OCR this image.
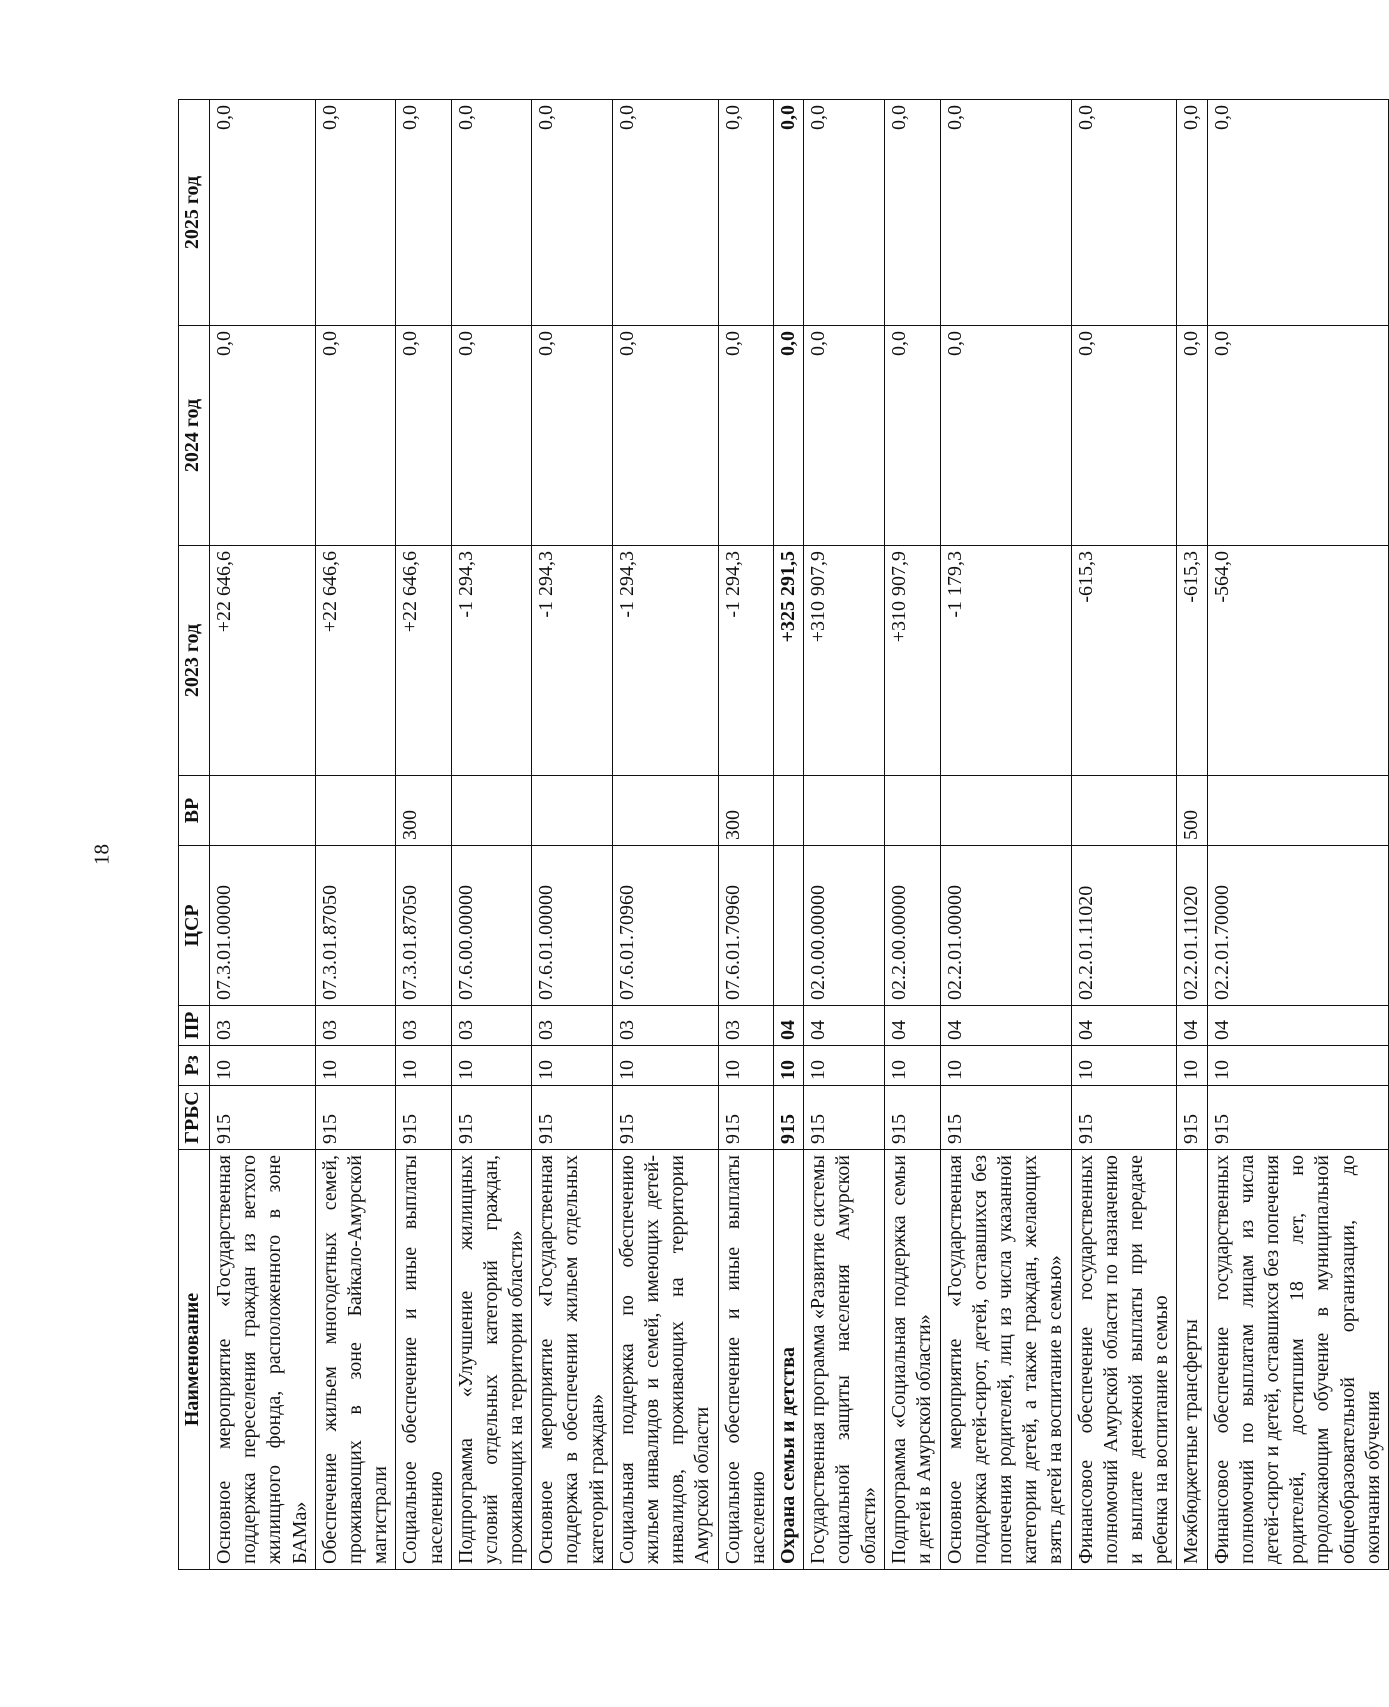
18
Наименование	ГРБС	Рз	ПР	ЦСР	ВР	2023 год	2024 год	2025 год
Основное мероприятие «Государственная поддержка переселения граждан из ветхого жилищного фонда, расположенного в зоне БАМа»	915	10	03	07.3.01.00000		+22 646,6	0,0	0,0
Обеспечение жильем многодетных семей, проживающих в зоне Байкало-Амурской магистрали	915	10	03	07.3.01.87050		+22 646,6	0,0	0,0
Социальное обеспечение и иные выплаты населению	915	10	03	07.3.01.87050	300	+22 646,6	0,0	0,0
Подпрограмма «Улучшение жилищных условий отдельных категорий граждан, проживающих на территории области»	915	10	03	07.6.00.00000		-1 294,3	0,0	0,0
Основное мероприятие «Государственная поддержка в обеспечении жильем отдельных категорий граждан»	915	10	03	07.6.01.00000		-1 294,3	0,0	0,0
Социальная поддержка по обеспечению жильем инвалидов и семей, имеющих детей-инвалидов, проживающих на территории Амурской области	915	10	03	07.6.01.70960		-1 294,3	0,0	0,0
Социальное обеспечение и иные выплаты населению	915	10	03	07.6.01.70960	300	-1 294,3	0,0	0,0
Охрана семьи и детства	915	10	04			+325 291,5	0,0	0,0
Государственная программа «Развитие системы социальной защиты населения Амурской области»	915	10	04	02.0.00.00000		+310 907,9	0,0	0,0
Подпрограмма «Социальная поддержка семьи и детей в Амурской области»	915	10	04	02.2.00.00000		+310 907,9	0,0	0,0
Основное мероприятие «Государственная поддержка детей-сирот, детей, оставшихся без попечения родителей, лиц из числа указанной категории детей, а также граждан, желающих взять детей на воспитание в семью»	915	10	04	02.2.01.00000		-1 179,3	0,0	0,0
Финансовое обеспечение государственных полномочий Амурской области по назначению и выплате денежной выплаты при передаче ребенка на воспитание в семью	915	10	04	02.2.01.11020		-615,3	0,0	0,0
Межбюджетные трансферты	915	10	04	02.2.01.11020	500	-615,3	0,0	0,0
Финансовое обеспечение государственных полномочий по выплатам лицам из числа детей-сирот и детей, оставшихся без попечения родителей, достигшим 18 лет, но продолжающим обучение в муниципальной общеобразовательной организации, до окончания обучения	915	10	04	02.2.01.70000		-564,0	0,0	0,0
